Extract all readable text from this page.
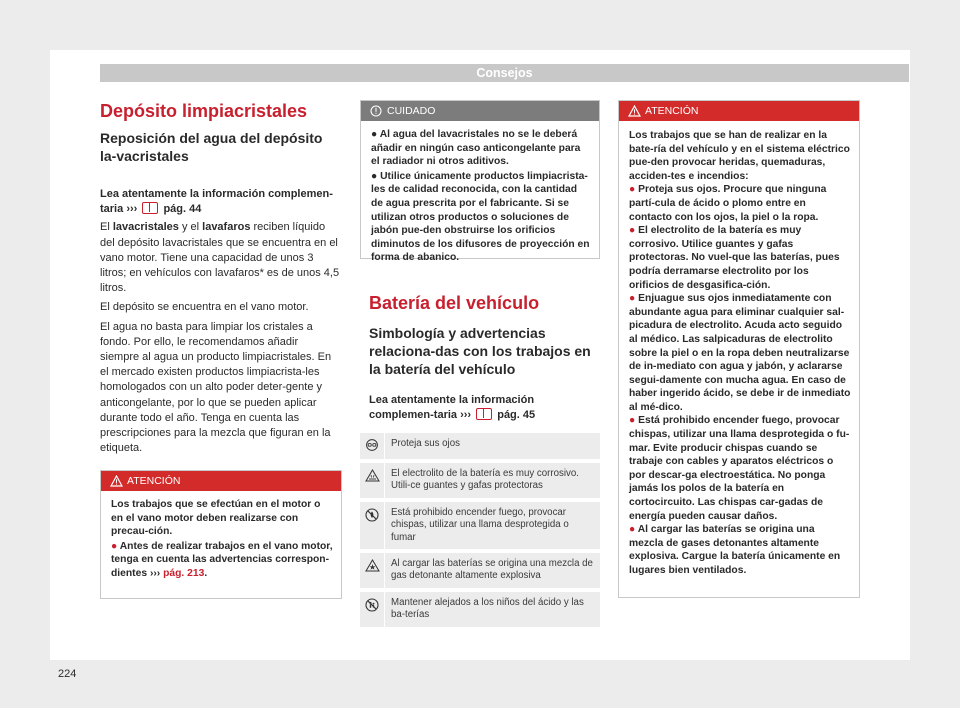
Consejos
Depósito limpiacristales
Reposición del agua del depósito la-vacristales
Lea atentamente la información complemen-taria ››› pág. 44

El lavacristales y el lavafaros reciben líquido del depósito lavacristales que se encuentra en el vano motor. Tiene una capacidad de unos 3 litros; en vehículos con lavafaros* es de unos 4,5 litros.

El depósito se encuentra en el vano motor.

El agua no basta para limpiar los cristales a fondo. Por ello, le recomendamos añadir siempre al agua un producto limpiacristales. En el mercado existen productos limpiacrista-les homologados con un alto poder deter-gente y anticongelante, por lo que se pueden aplicar durante todo el año. Tenga en cuenta las prescripciones para la mezcla que figuran en la etiqueta.

ATENCIÓN
Los trabajos que se efectúan en el motor o en el vano motor deben realizarse con precau-ción.
● Antes de realizar trabajos en el vano motor, tenga en cuenta las advertencias correspon-dientes ››› pág. 213.
CUIDADO
● Al agua del lavacristales no se le deberá añadir en ningún caso anticongelante para el radiador ni otros aditivos.
● Utilice únicamente productos limpiacrista-les de calidad reconocida, con la cantidad de agua prescrita por el fabricante. Si se utilizan otros productos o soluciones de jabón pue-den obstruirse los orificios diminutos de los difusores de proyección en forma de abanico.
Batería del vehículo
Simbología y advertencias relaciona-das con los trabajos en la batería del vehículo
Lea atentamente la información complemen-taria ››› pág. 45
Proteja sus ojos
El electrolito de la batería es muy corrosivo. Utili-ce guantes y gafas protectoras
Está prohibido encender fuego, provocar chispas, utilizar una llama desprotegida o fumar
Al cargar las baterías se origina una mezcla de gas detonante altamente explosiva
Mantener alejados a los niños del ácido y las ba-terías
ATENCIÓN
Los trabajos que se han de realizar en la bate-ría del vehículo y en el sistema eléctrico pue-den provocar heridas, quemaduras, acciden-tes e incendios:
● Proteja sus ojos. Procure que ninguna partí-cula de ácido o plomo entre en contacto con los ojos, la piel o la ropa.
● El electrolito de la batería es muy corrosivo. Utilice guantes y gafas protectoras. No vuel-que las baterías, pues podría derramarse electrolito por los orificios de desgasifica-ción.
● Enjuague sus ojos inmediatamente con abundante agua para eliminar cualquier sal-picadura de electrolito. Acuda acto seguido al médico. Las salpicaduras de electrolito sobre la piel o en la ropa deben neutralizarse de in-mediato con agua y jabón, y aclararse segui-damente con mucha agua. En caso de haber ingerido ácido, se debe ir de inmediato al mé-dico.
● Está prohibido encender fuego, provocar chispas, utilizar una llama desprotegida o fu-mar. Evite producir chispas cuando se trabaje con cables y aparatos eléctricos o por descar-ga electroestática. No ponga jamás los polos de la batería en cortocircuito. Las chispas car-gadas de energía pueden causar daños.
● Al cargar las baterías se origina una mezcla de gases detonantes altamente explosiva. Cargue la batería únicamente en lugares bien ventilados.
224
